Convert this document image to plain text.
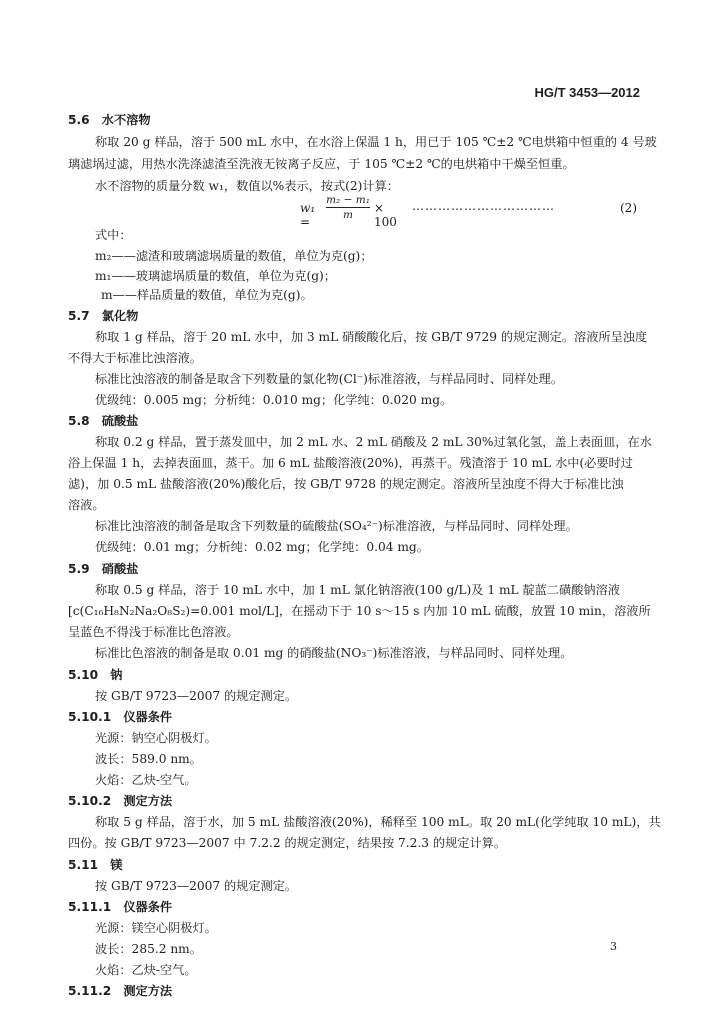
HG/T 3453—2012
5.6　水不溶物
称取 20 g 样品，溶于 500 mL 水中，在水浴上保温 1 h，用已于 105 ℃±2 ℃电烘箱中恒重的 4 号玻
璃滤埚过滤，用热水洗涤滤渣至洗液无铵离子反应，于 105 ℃±2 ℃的电烘箱中干燥至恒重。
水不溶物的质量分数 w₁，数值以%表示，按式(2)计算：
w₁ =	$\frac{\text{m₂ − m₁}}{m} \times 100$
……………………………	(2)
式中：
m₂——滤渣和玻璃滤埚质量的数值，单位为克(g)；
m₁——玻璃滤埚质量的数值，单位为克(g)；
m——样品质量的数值，单位为克(g)。
5.7　氯化物
称取 1 g 样品，溶于 20 mL 水中，加 3 mL 硝酸酸化后，按 GB/T 9729 的规定测定。溶液所呈浊度
不得大于标准比浊溶液。
标准比浊溶液的制备是取含下列数量的氯化物(Cl⁻)标准溶液，与样品同时、同样处理。
优级纯：0.005 mg；分析纯：0.010 mg；化学纯：0.020 mg。
5.8　硫酸盐
称取 0.2 g 样品，置于蒸发皿中，加 2 mL 水、2 mL 硝酸及 2 mL 30%过氧化氢，盖上表面皿，在水
浴上保温 1 h，去掉表面皿，蒸干。加 6 mL 盐酸溶液(20%)，再蒸干。残渣溶于 10 mL 水中(必要时过
滤)，加 0.5 mL 盐酸溶液(20%)酸化后，按 GB/T 9728 的规定测定。溶液所呈浊度不得大于标准比浊
溶液。
标准比浊溶液的制备是取含下列数量的硫酸盐(SO₄²⁻)标准溶液，与样品同时、同样处理。
优级纯：0.01 mg；分析纯：0.02 mg；化学纯：0.04 mg。
5.9　硝酸盐
称取 0.5 g 样品，溶于 10 mL 水中，加 1 mL 氯化钠溶液(100 g/L)及 1 mL 靛蓝二磺酸钠溶液
[c(C₁₆H₈N₂Na₂O₈S₂)=0.001 mol/L]，在摇动下于 10 s～15 s 内加 10 mL 硫酸，放置 10 min，溶液所
呈蓝色不得浅于标准比色溶液。
标准比色溶液的制备是取 0.01 mg 的硝酸盐(NO₃⁻)标准溶液，与样品同时、同样处理。
5.10　钠
按 GB/T 9723—2007 的规定测定。
5.10.1　仪器条件
光源：钠空心阴极灯。
波长：589.0 nm。
火焰：乙炔-空气。
5.10.2　测定方法
称取 5 g 样品，溶于水，加 5 mL 盐酸溶液(20%)，稀释至 100 mL。取 20 mL(化学纯取 10 mL)，共
四份。按 GB/T 9723—2007 中 7.2.2 的规定测定，结果按 7.2.3 的规定计算。
5.11　镁
按 GB/T 9723—2007 的规定测定。
5.11.1　仪器条件
光源：镁空心阴极灯。
波长：285.2 nm。
火焰：乙炔-空气。
5.11.2　测定方法
3
